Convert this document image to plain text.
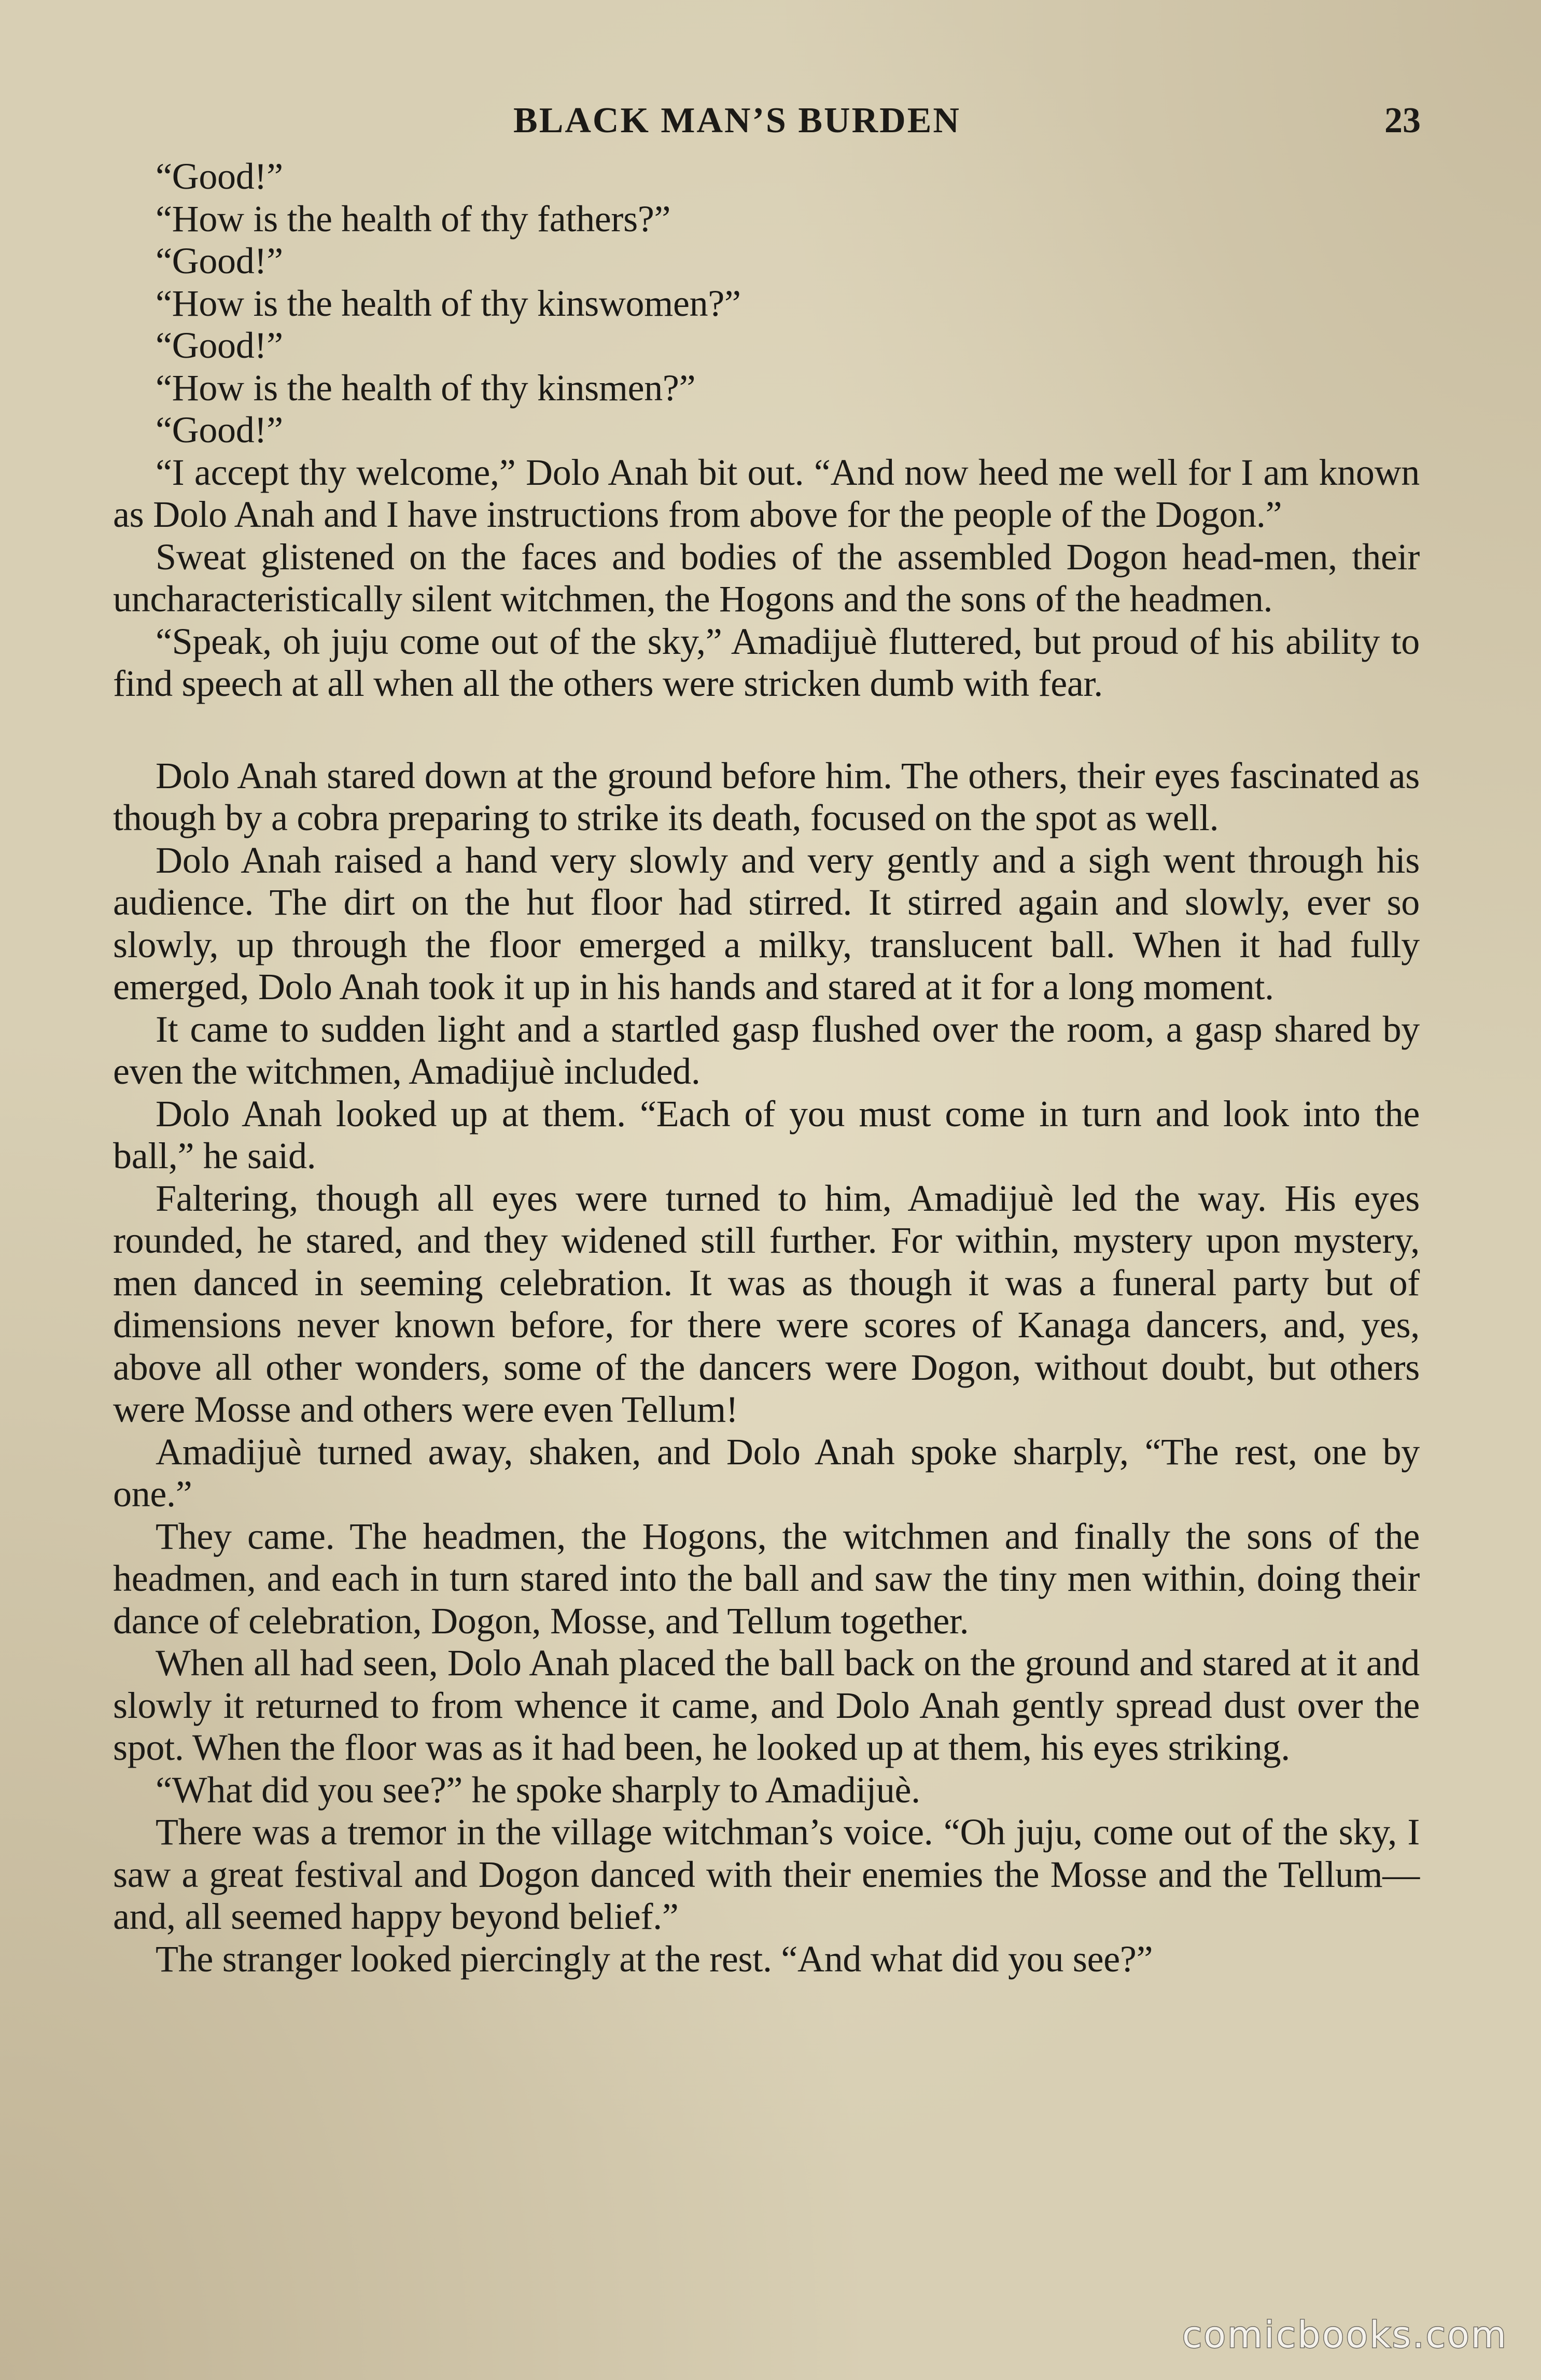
BLACK MAN’S BURDEN	23

“Good!”

“How is the health of thy fathers?”

“Good!”

“How is the health of thy kinswomen?”

“Good!”

“How is the health of thy kinsmen?”

“Good!”

“I accept thy welcome,” Dolo Anah bit out. “And now heed me well for I am known as Dolo Anah and I have instructions from above for the people of the Dogon.”

Sweat glistened on the faces and bodies of the assembled Dogon head-men, their uncharacteristically silent witchmen, the Hogons and the sons of the headmen.

“Speak, oh juju come out of the sky,” Amadijuè fluttered, but proud of his ability to find speech at all when all the others were stricken dumb with fear.

Dolo Anah stared down at the ground before him. The others, their eyes fascinated as though by a cobra preparing to strike its death, focused on the spot as well.

Dolo Anah raised a hand very slowly and very gently and a sigh went through his audience. The dirt on the hut floor had stirred. It stirred again and slowly, ever so slowly, up through the floor emerged a milky, translucent ball. When it had fully emerged, Dolo Anah took it up in his hands and stared at it for a long moment.

It came to sudden light and a startled gasp flushed over the room, a gasp shared by even the witchmen, Amadijuè included.

Dolo Anah looked up at them. “Each of you must come in turn and look into the ball,” he said.

Faltering, though all eyes were turned to him, Amadijuè led the way. His eyes rounded, he stared, and they widened still further. For within, mystery upon mystery, men danced in seeming celebration. It was as though it was a funeral party but of dimensions never known before, for there were scores of Kanaga dancers, and, yes, above all other wonders, some of the dancers were Dogon, without doubt, but others were Mosse and others were even Tellum!

Amadijuè turned away, shaken, and Dolo Anah spoke sharply, “The rest, one by one.”

They came. The headmen, the Hogons, the witchmen and finally the sons of the headmen, and each in turn stared into the ball and saw the tiny men within, doing their dance of celebration, Dogon, Mosse, and Tellum together.

When all had seen, Dolo Anah placed the ball back on the ground and stared at it and slowly it returned to from whence it came, and Dolo Anah gently spread dust over the spot. When the floor was as it had been, he looked up at them, his eyes striking.

“What did you see?” he spoke sharply to Amadijuè.

There was a tremor in the village witchman’s voice. “Oh juju, come out of the sky, I saw a great festival and Dogon danced with their enemies the Mosse and the Tellum—and, all seemed happy beyond belief.”

The stranger looked piercingly at the rest. “And what did you see?”

comicbooks.com
